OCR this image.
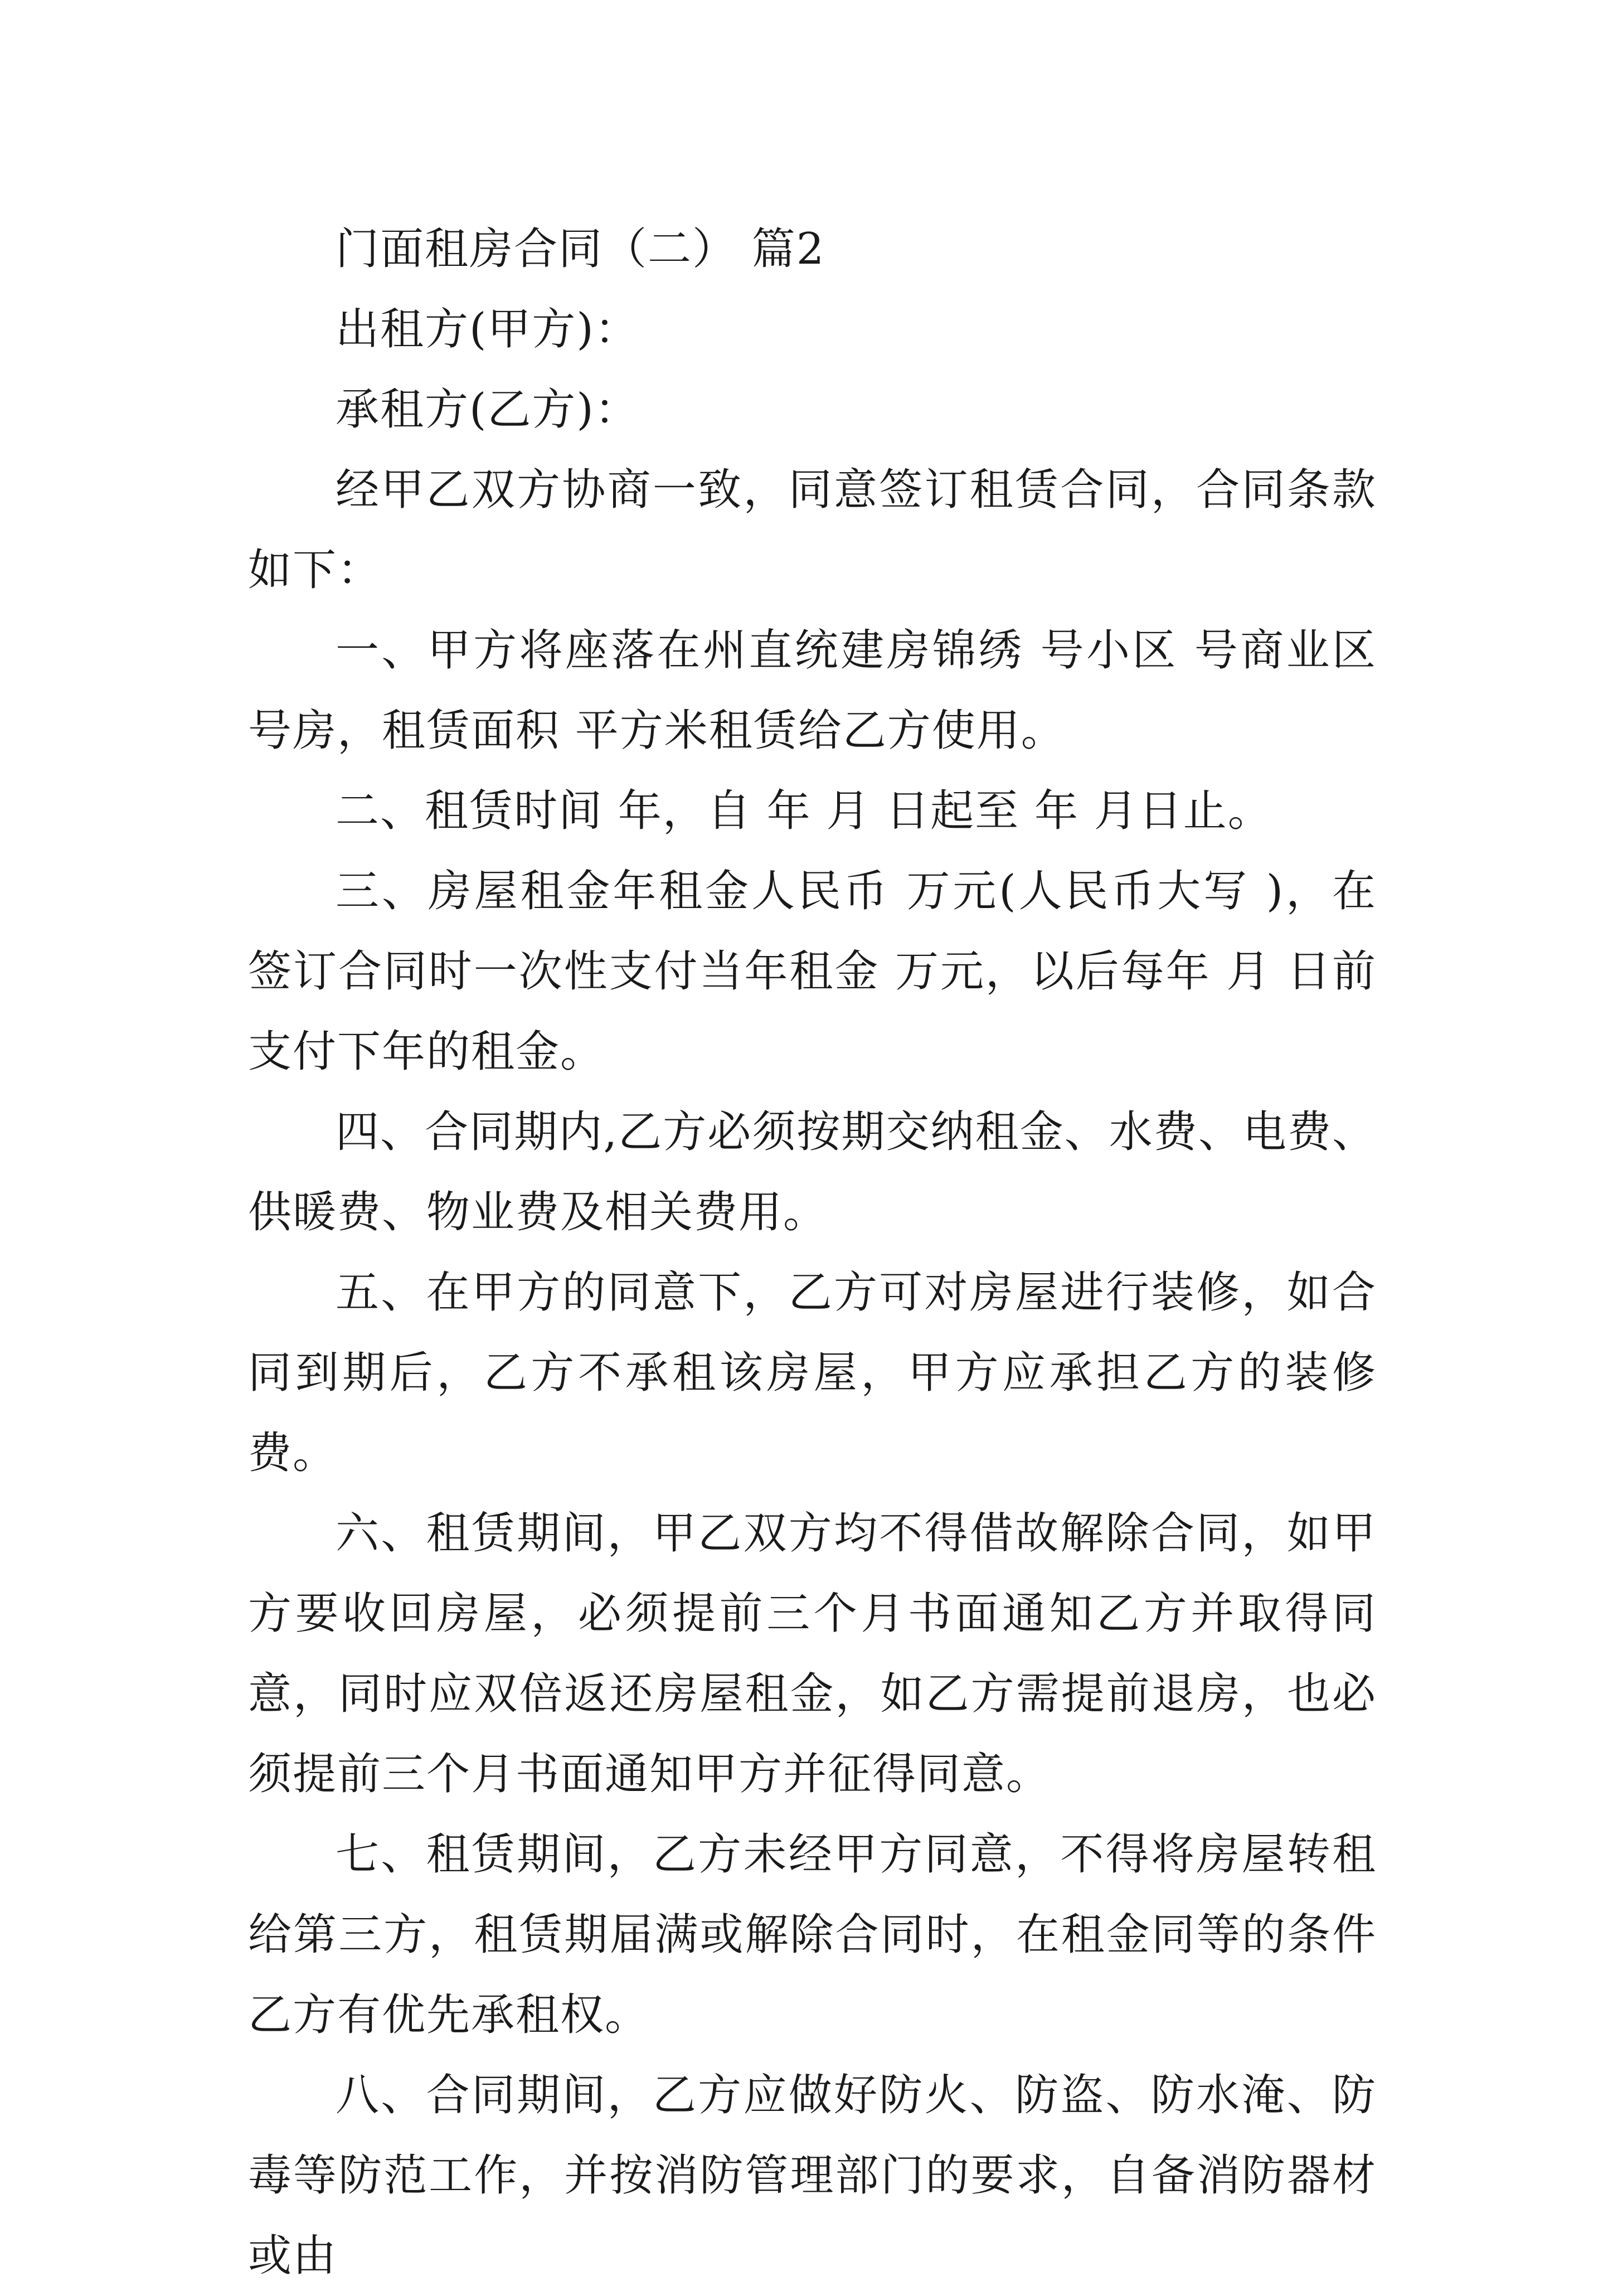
门面租房合同（二） 篇2

出租方(甲方)：

承租方(乙方)：

经甲乙双方协商一致，同意签订租赁合同，合同条款如下：

一、甲方将座落在州直统建房锦绣 号小区 号商业区 号房，租赁面积 平方米租赁给乙方使用。

二、租赁时间 年，自 年 月 日起至 年 月日止。

三、房屋租金年租金人民币 万元(人民币大写 )，在签订合同时一次性支付当年租金 万元，以后每年 月 日前支付下年的租金。

四、合同期内,乙方必须按期交纳租金、水费、电费、供暖费、物业费及相关费用。

五、在甲方的同意下，乙方可对房屋进行装修，如合同到期后，乙方不承租该房屋，甲方应承担乙方的装修费。

六、租赁期间，甲乙双方均不得借故解除合同，如甲方要收回房屋，必须提前三个月书面通知乙方并取得同意，同时应双倍返还房屋租金，如乙方需提前退房，也必须提前三个月书面通知甲方并征得同意。

七、租赁期间，乙方未经甲方同意，不得将房屋转租给第三方，租赁期届满或解除合同时，在租金同等的条件乙方有优先承租权。

八、合同期间，乙方应做好防火、防盗、防水淹、防毒等防范工作，并按消防管理部门的要求，自备消防器材或由
